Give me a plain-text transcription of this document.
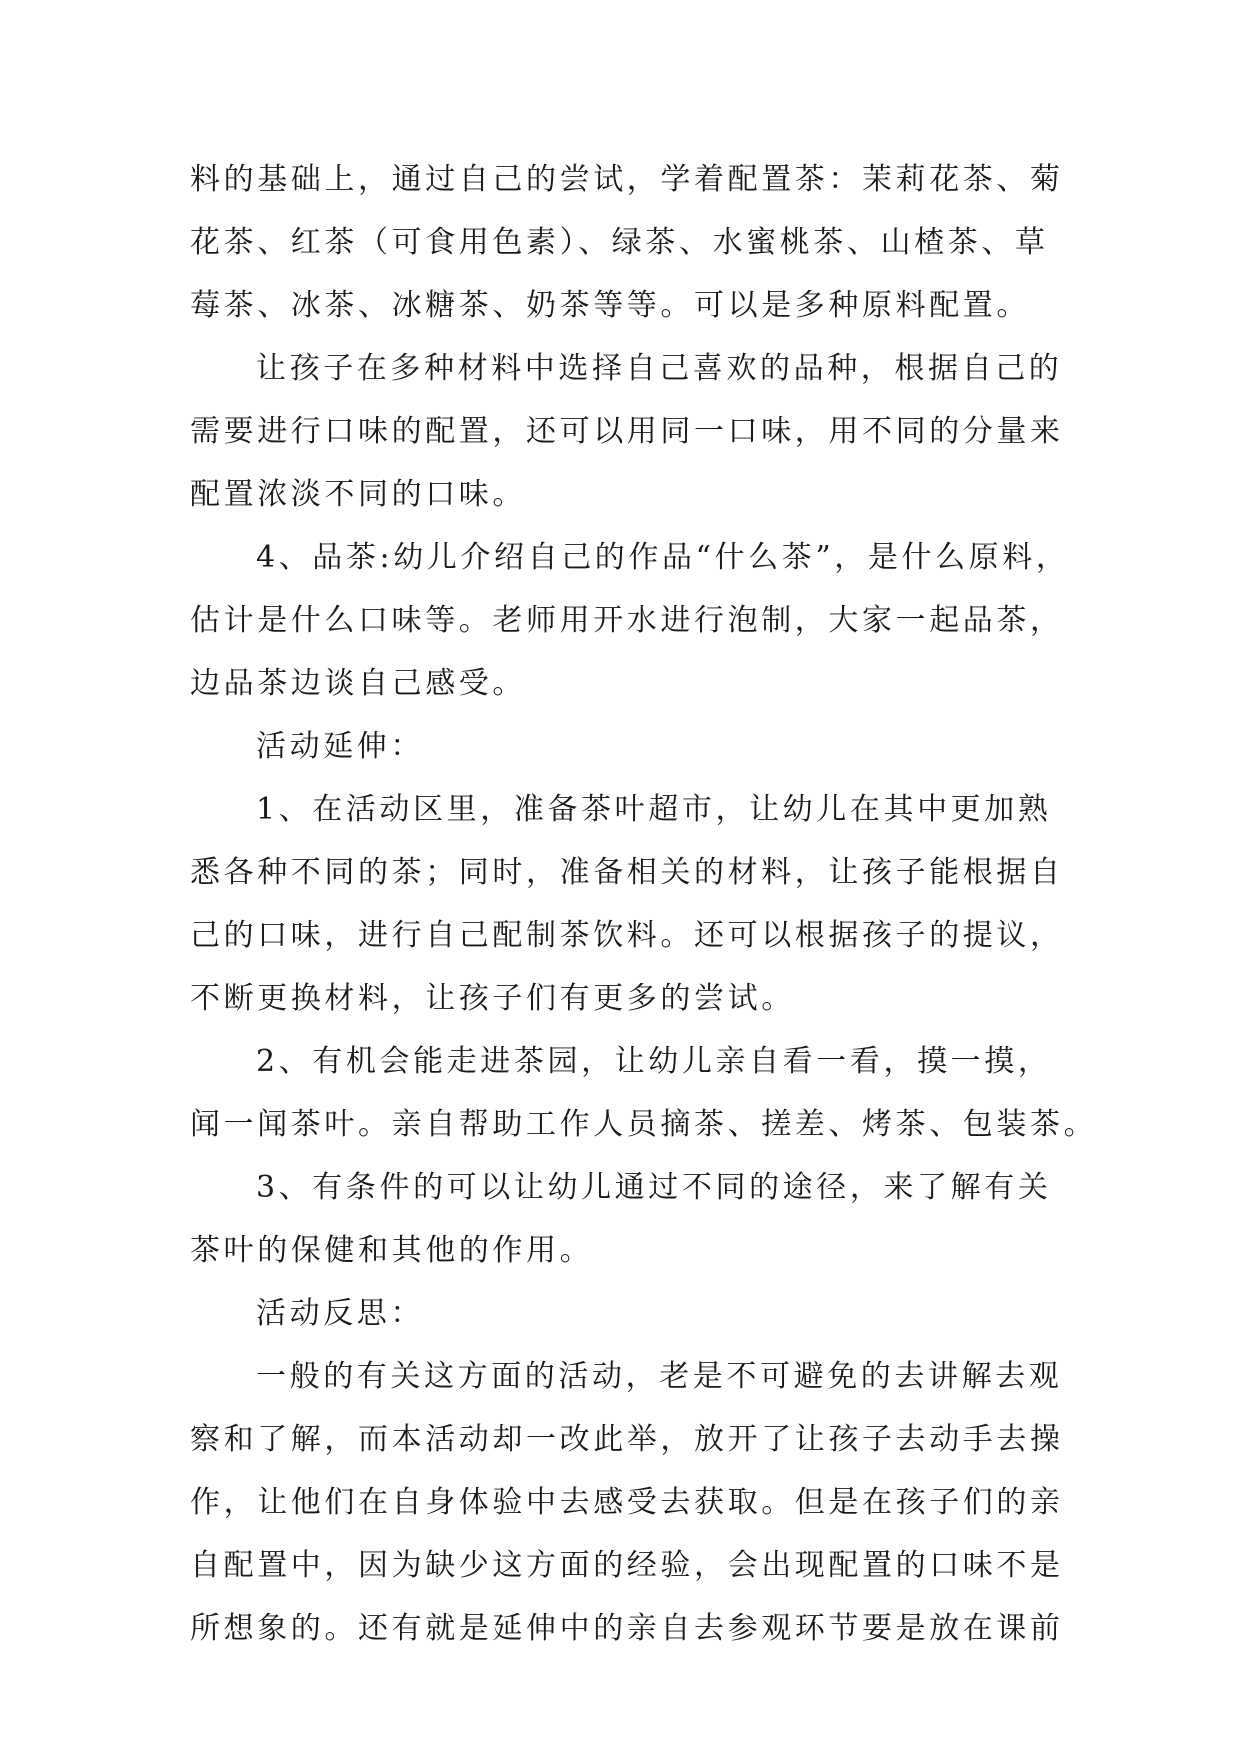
料的基础上，通过自己的尝试，学着配置茶：茉莉花茶、菊
花茶、红茶（可食用色素）、绿茶、水蜜桃茶、山楂茶、草
莓茶、冰茶、冰糖茶、奶茶等等。可以是多种原料配置。
让孩子在多种材料中选择自己喜欢的品种，根据自己的
需要进行口味的配置，还可以用同一口味，用不同的分量来
配置浓淡不同的口味。
4、品茶:幼儿介绍自己的作品“什么茶”，是什么原料，
估计是什么口味等。老师用开水进行泡制，大家一起品茶，
边品茶边谈自己感受。
活动延伸：
1、在活动区里，准备茶叶超市，让幼儿在其中更加熟
悉各种不同的茶；同时，准备相关的材料，让孩子能根据自
己的口味，进行自己配制茶饮料。还可以根据孩子的提议，
不断更换材料，让孩子们有更多的尝试。
2、有机会能走进茶园，让幼儿亲自看一看，摸一摸，
闻一闻茶叶。亲自帮助工作人员摘茶、搓差、烤茶、包装茶。
3、有条件的可以让幼儿通过不同的途径，来了解有关
茶叶的保健和其他的作用。
活动反思：
一般的有关这方面的活动，老是不可避免的去讲解去观
察和了解，而本活动却一改此举，放开了让孩子去动手去操
作，让他们在自身体验中去感受去获取。但是在孩子们的亲
自配置中，因为缺少这方面的经验，会出现配置的口味不是
所想象的。还有就是延伸中的亲自去参观环节要是放在课前
